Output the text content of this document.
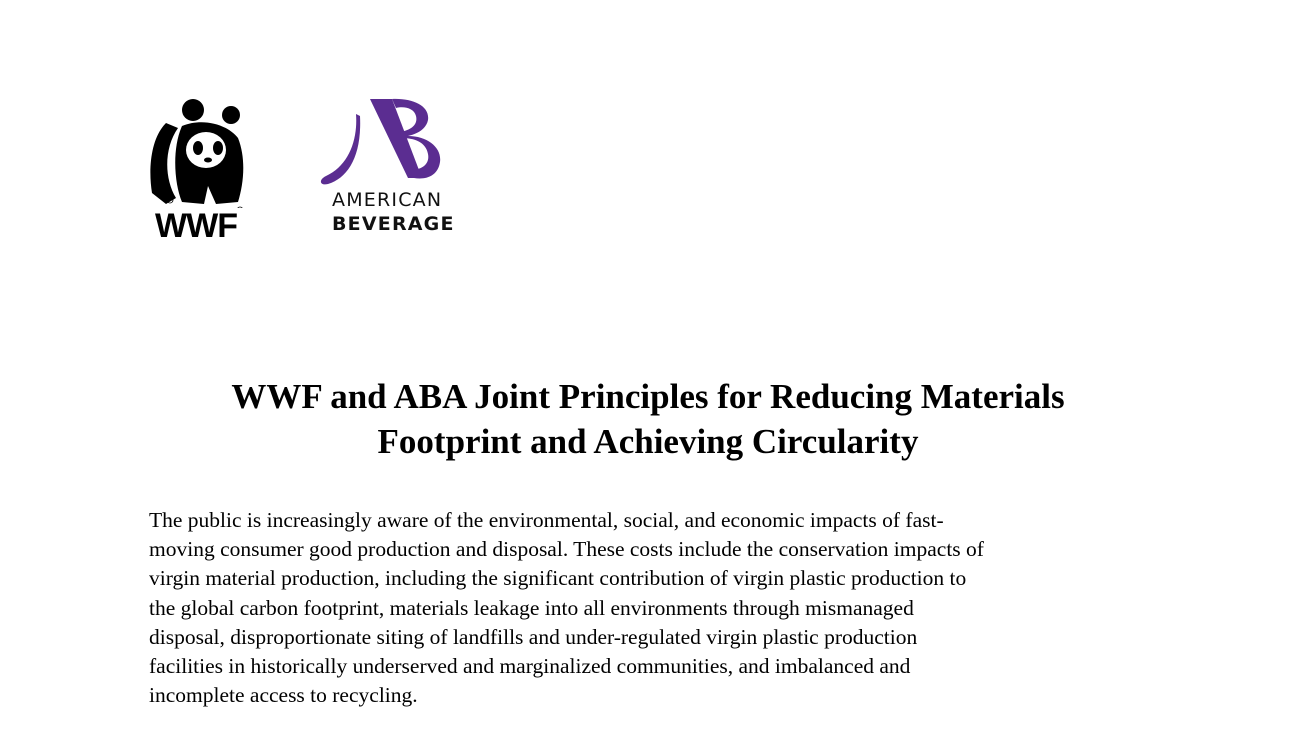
WWF
AMERICAN
BEVERAGE
WWF and ABA Joint Principles for Reducing Materials
Footprint and Achieving Circularity
The public is increasingly aware of the environmental, social, and economic impacts of fast-
moving consumer good production and disposal. These costs include the conservation impacts of
virgin material production, including the significant contribution of virgin plastic production to
the global carbon footprint, materials leakage into all environments through mismanaged
disposal, disproportionate siting of landfills and under-regulated virgin plastic production
facilities in historically underserved and marginalized communities, and imbalanced and
incomplete access to recycling.
